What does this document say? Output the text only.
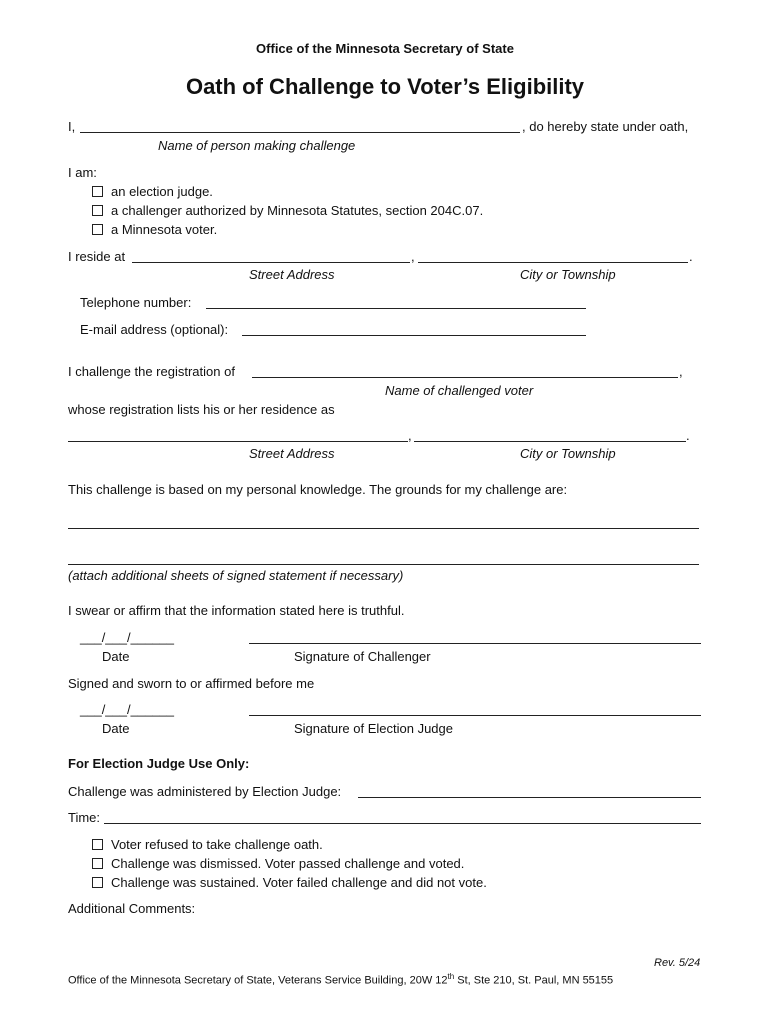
Office of the Minnesota Secretary of State
Oath of Challenge to Voter’s Eligibility
I,	, do hereby state under oath,
Name of person making challenge
I am:
an election judge.
a challenger authorized by Minnesota Statutes, section 204C.07.
a Minnesota voter.
I reside at	,	.
Street Address	City or Township
Telephone number:
E-mail address (optional):
I challenge the registration of	,
Name of challenged voter
whose registration lists his or her residence as
,	.
Street Address	City or Township
This challenge is based on my personal knowledge. The grounds for my challenge are:
(attach additional sheets of signed statement if necessary)
I swear or affirm that the information stated here is truthful.
___/___/______
Date	Signature of Challenger
Signed and sworn to or affirmed before me
___/___/______
Date	Signature of Election Judge
For Election Judge Use Only:
Challenge was administered by Election Judge:
Time:
Voter refused to take challenge oath.
Challenge was dismissed. Voter passed challenge and voted.
Challenge was sustained. Voter failed challenge and did not vote.
Additional Comments:
Rev. 5/24
Office of the Minnesota Secretary of State, Veterans Service Building, 20W 12th St, Ste 210, St. Paul, MN 55155
